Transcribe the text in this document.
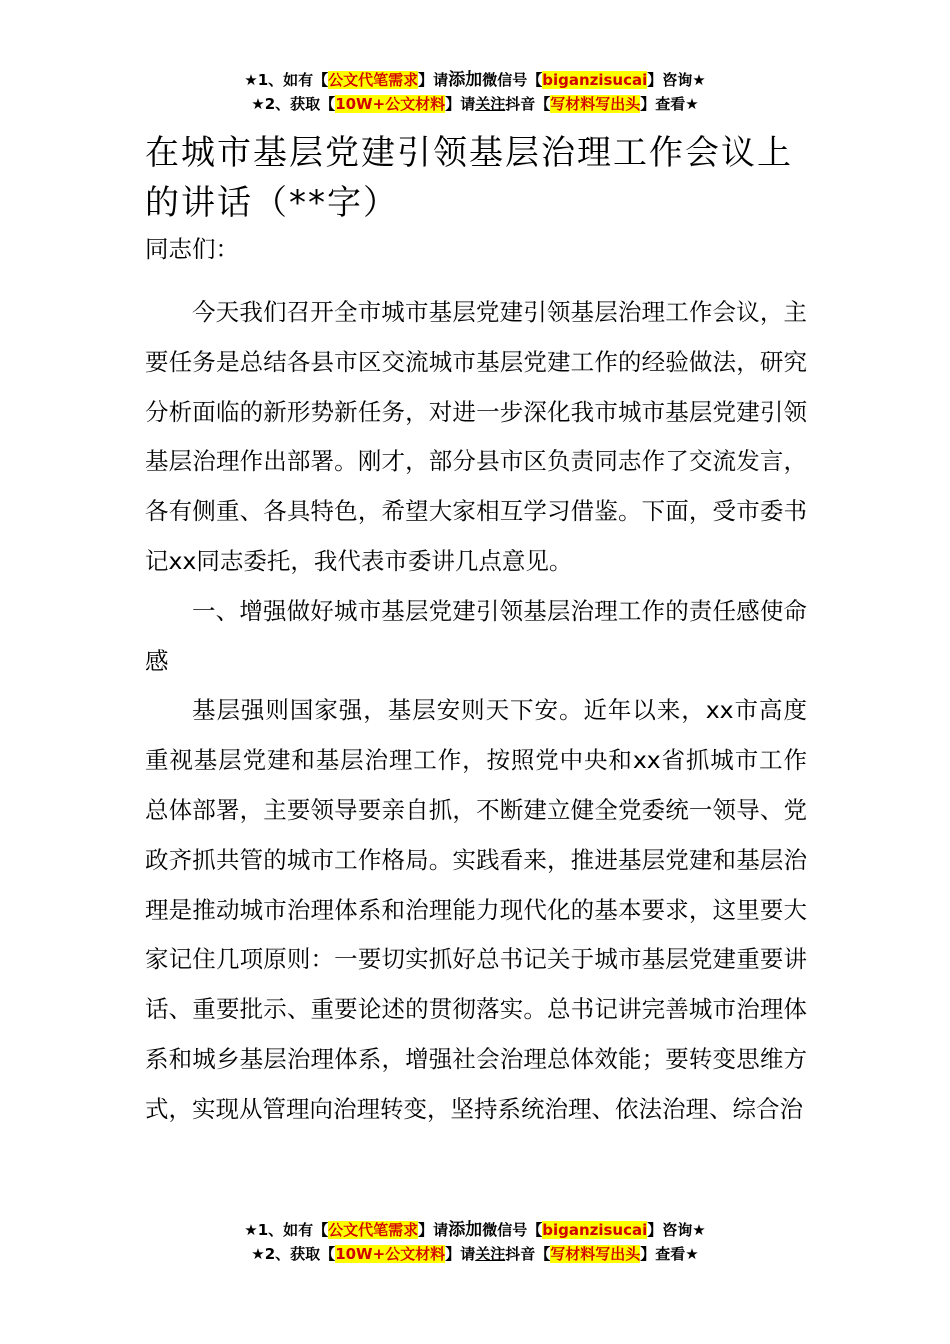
★1、如有【公文代笔需求】请添加微信号【biganzisucai】咨询★
★2、获取【10W+公文材料】请关注抖音【写材料写出头】查看★
在城市基层党建引领基层治理工作会议上的讲话（**字）

同志们：

今天我们召开全市城市基层党建引领基层治理工作会议，主要任务是总结各县市区交流城市基层党建工作的经验做法，研究分析面临的新形势新任务，对进一步深化我市城市基层党建引领基层治理作出部署。刚才，部分县市区负责同志作了交流发言，各有侧重、各具特色，希望大家相互学习借鉴。下面，受市委书记xx同志委托，我代表市委讲几点意见。

一、增强做好城市基层党建引领基层治理工作的责任感使命感

基层强则国家强，基层安则天下安。近年以来，xx市高度重视基层党建和基层治理工作，按照党中央和xx省抓城市工作总体部署，主要领导要亲自抓，不断建立健全党委统一领导、党政齐抓共管的城市工作格局。实践看来，推进基层党建和基层治理是推动城市治理体系和治理能力现代化的基本要求，这里要大家记住几项原则：一要切实抓好总书记关于城市基层党建重要讲话、重要批示、重要论述的贯彻落实。总书记讲完善城市治理体系和城乡基层治理体系，增强社会治理总体效能；要转变思维方式，实现从管理向治理转变，坚持系统治理、依法治理、综合治

★1、如有【公文代笔需求】请添加微信号【biganzisucai】咨询★
★2、获取【10W+公文材料】请关注抖音【写材料写出头】查看★
